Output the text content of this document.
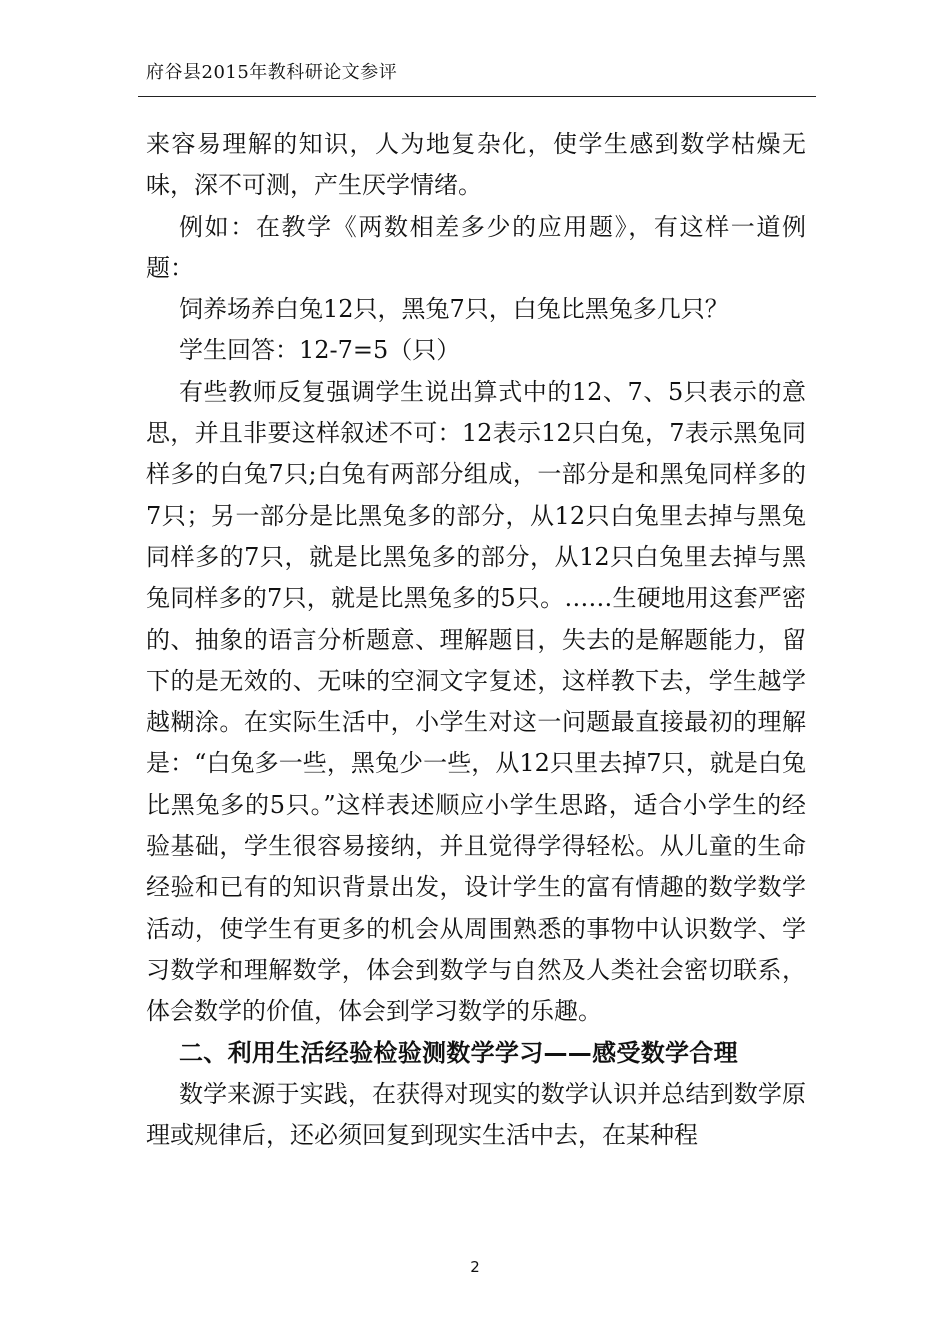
府谷县2015年教科研论文参评

来容易理解的知识，人为地复杂化，使学生感到数学枯燥无味，深不可测，产生厌学情绪。

例如：在教学《两数相差多少的应用题》，有这样一道例题：

饲养场养白兔12只，黑兔7只，白兔比黑兔多几只？

学生回答：12-7=5（只）

有些教师反复强调学生说出算式中的12、7、5只表示的意思，并且非要这样叙述不可：12表示12只白兔，7表示黑兔同样多的白兔7只;白兔有两部分组成，一部分是和黑兔同样多的7只；另一部分是比黑兔多的部分，从12只白兔里去掉与黑兔同样多的7只，就是比黑兔多的部分，从12只白兔里去掉与黑兔同样多的7只，就是比黑兔多的5只。……生硬地用这套严密的、抽象的语言分析题意、理解题目，失去的是解题能力，留下的是无效的、无味的空洞文字复述，这样教下去，学生越学越糊涂。在实际生活中，小学生对这一问题最直接最初的理解是：“白兔多一些，黑兔少一些，从12只里去掉7只，就是白兔比黑兔多的5只。”这样表述顺应小学生思路，适合小学生的经验基础，学生很容易接纳，并且觉得学得轻松。从儿童的生命经验和已有的知识背景出发，设计学生的富有情趣的数学数学活动，使学生有更多的机会从周围熟悉的事物中认识数学、学习数学和理解数学，体会到数学与自然及人类社会密切联系，体会数学的价值，体会到学习数学的乐趣。

二、利用生活经验检验测数学学习——感受数学合理

数学来源于实践，在获得对现实的数学认识并总结到数学原理或规律后，还必须回复到现实生活中去，在某种程

2
